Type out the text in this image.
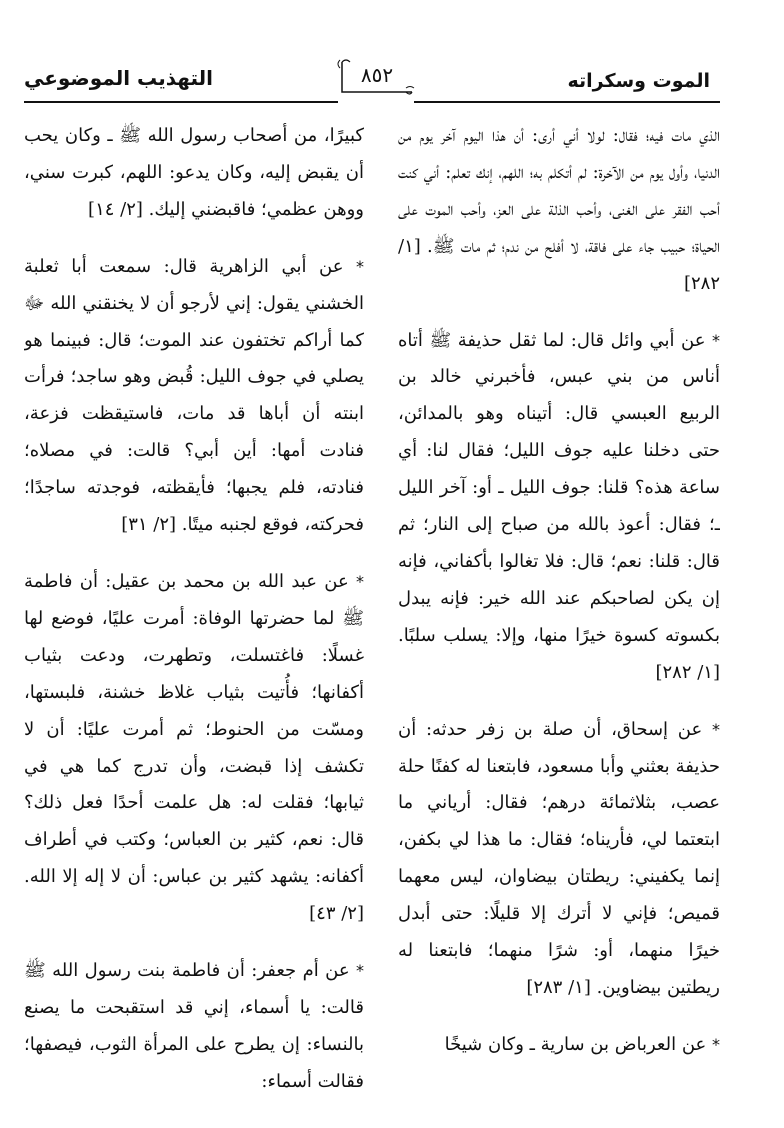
الموت وسكراته
٨٥٢
التهذيب الموضوعي

الذي مات فيه؛ فقال: لولا أني أرى: أن هذا اليوم آخر يوم من الدنيا، وأول يوم من الآخرة: لم أتكلم به؛ اللهم، إنك تعلم: أني كنت أحب الفقر على الغنى، وأحب الذلة على العز، وأحب الموت على الحياة؛ حبيب جاء على فاقة، لا أفلح من ندم؛ ثم مات ﷺ. [١/ ٢٨٢]

* عن أبي وائل قال: لما ثقل حذيفة ﷺ أتاه أناس من بني عبس، فأخبرني خالد بن الربيع العبسي قال: أتيناه وهو بالمدائن، حتى دخلنا عليه جوف الليل؛ فقال لنا: أي ساعة هذه؟ قلنا: جوف الليل ـ أو: آخر الليل ـ؛ فقال: أعوذ بالله من صباح إلى النار؛ ثم قال: قلنا: نعم؛ قال: فلا تغالوا بأكفاني، فإنه إن يكن لصاحبكم عند الله خير: فإنه يبدل بكسوته كسوة خيرًا منها، وإلا: يسلب سلبًا. [١/ ٢٨٢]

* عن إسحاق، أن صلة بن زفر حدثه: أن حذيفة بعثني وأبا مسعود، فابتعنا له كفنًا حلة عصب، بثلاثمائة درهم؛ فقال: أرياني ما ابتعتما لي، فأريناه؛ فقال: ما هذا لي بكفن، إنما يكفيني: ريطتان بيضاوان، ليس معهما قميص؛ فإني لا أترك إلا قليلًا: حتى أبدل خيرًا منهما، أو: شرًا منهما؛ فابتعنا له ريطتين بيضاوين. [١/ ٢٨٣]

* عن العرباض بن سارية ـ وكان شيخًا

كبيرًا، من أصحاب رسول الله ﷺ ـ وكان يحب أن يقبض إليه، وكان يدعو: اللهم، كبرت سني، ووهن عظمي؛ فاقبضني إليك. [٢/ ١٤]

* عن أبي الزاهرية قال: سمعت أبا ثعلبة الخشني يقول: إني لأرجو أن لا يخنقني الله ﷻ كما أراكم تختفون عند الموت؛ قال: فبينما هو يصلي في جوف الليل: قُبض وهو ساجد؛ فرأت ابنته أن أباها قد مات، فاستيقظت فزعة، فنادت أمها: أين أبي؟ قالت: في مصلاه؛ فنادته، فلم يجبها؛ فأيقظته، فوجدته ساجدًا؛ فحركته، فوقع لجنبه ميتًا. [٢/ ٣١]

* عن عبد الله بن محمد بن عقيل: أن فاطمة ﷺ لما حضرتها الوفاة: أمرت عليًا، فوضع لها غسلًا: فاغتسلت، وتطهرت، ودعت بثياب أكفانها؛ فأُتيت بثياب غلاظ خشنة، فلبستها، ومسّت من الحنوط؛ ثم أمرت عليًا: أن لا تكشف إذا قبضت، وأن تدرج كما هي في ثيابها؛ فقلت له: هل علمت أحدًا فعل ذلك؟ قال: نعم، كثير بن العباس؛ وكتب في أطراف أكفانه: يشهد كثير بن عباس: أن لا إله إلا الله. [٢/ ٤٣]

* عن أم جعفر: أن فاطمة بنت رسول الله ﷺ قالت: يا أسماء، إني قد استقبحت ما يصنع بالنساء: إن يطرح على المرأة الثوب، فيصفها؛ فقالت أسماء:
